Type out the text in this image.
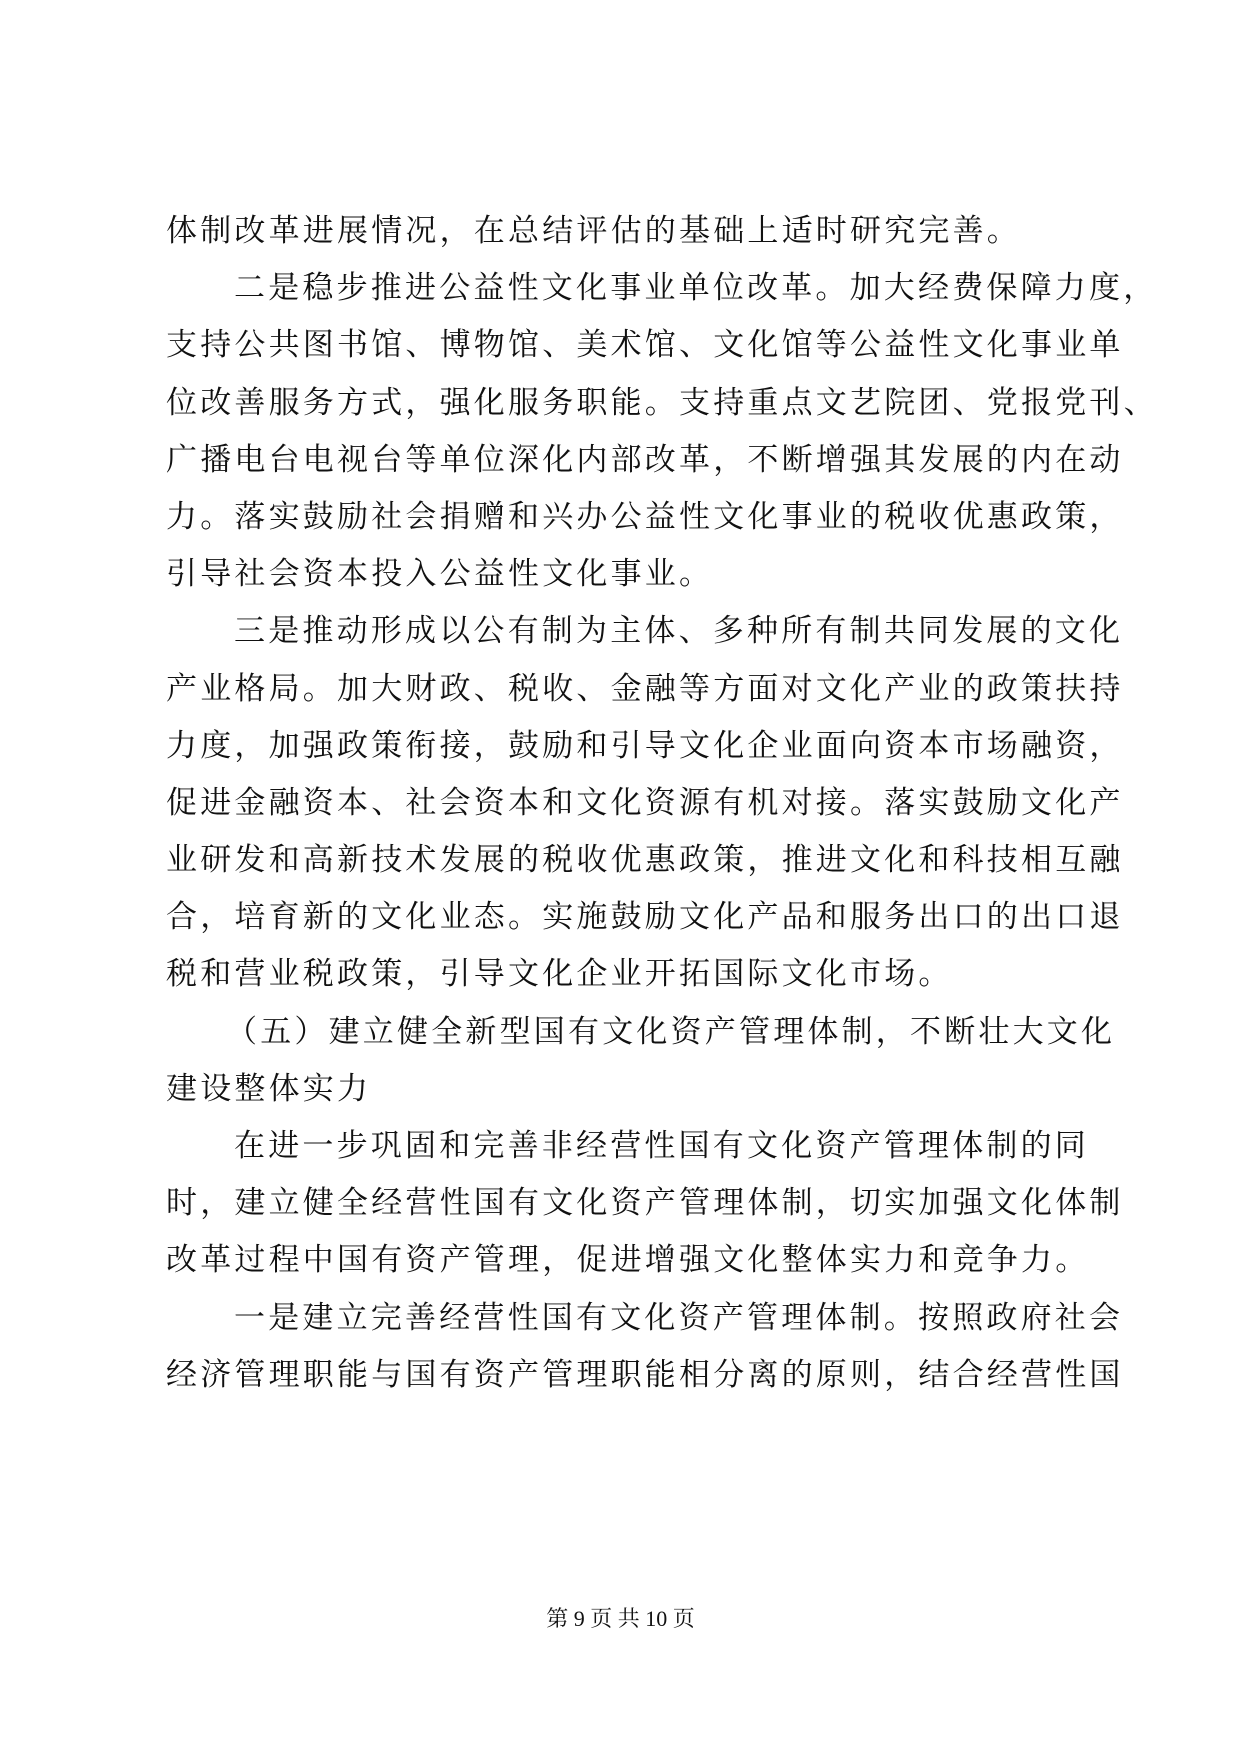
体制改革进展情况，在总结评估的基础上适时研究完善。
二是稳步推进公益性文化事业单位改革。加大经费保障力度，
支持公共图书馆、博物馆、美术馆、文化馆等公益性文化事业单
位改善服务方式，强化服务职能。支持重点文艺院团、党报党刊、
广播电台电视台等单位深化内部改革，不断增强其发展的内在动
力。落实鼓励社会捐赠和兴办公益性文化事业的税收优惠政策，
引导社会资本投入公益性文化事业。
三是推动形成以公有制为主体、多种所有制共同发展的文化
产业格局。加大财政、税收、金融等方面对文化产业的政策扶持
力度，加强政策衔接，鼓励和引导文化企业面向资本市场融资，
促进金融资本、社会资本和文化资源有机对接。落实鼓励文化产
业研发和高新技术发展的税收优惠政策，推进文化和科技相互融
合，培育新的文化业态。实施鼓励文化产品和服务出口的出口退
税和营业税政策，引导文化企业开拓国际文化市场。
（五）建立健全新型国有文化资产管理体制，不断壮大文化
建设整体实力
在进一步巩固和完善非经营性国有文化资产管理体制的同
时，建立健全经营性国有文化资产管理体制，切实加强文化体制
改革过程中国有资产管理，促进增强文化整体实力和竞争力。
一是建立完善经营性国有文化资产管理体制。按照政府社会
经济管理职能与国有资产管理职能相分离的原则，结合经营性国
第 9 页 共 10 页
